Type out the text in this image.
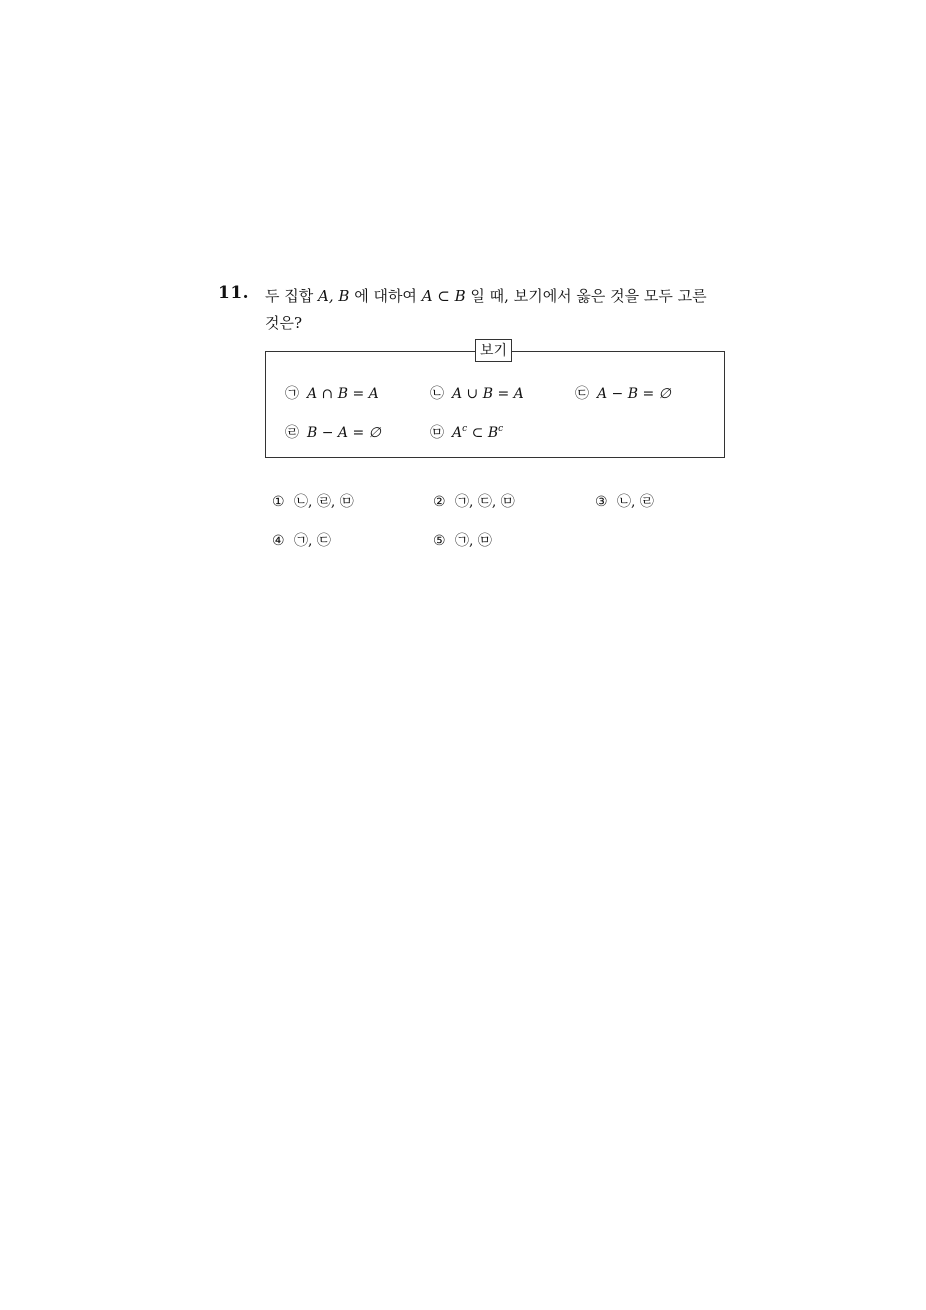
11. 두 집합 A, B 에 대하여 A ⊂ B 일 때, 보기에서 옳은 것을 모두 고른
것은?
보기
㉠ A ∩ B = A	㉡ A ∪ B = A	㉢ A − B = ∅
㉣ B − A = ∅	㉤ $A^c$ ⊂ $B^c$
① ㉡, ㉣, ㉤	② ㉠, ㉢, ㉤	③ ㉡, ㉣
④ ㉠, ㉢	⑤ ㉠, ㉤
